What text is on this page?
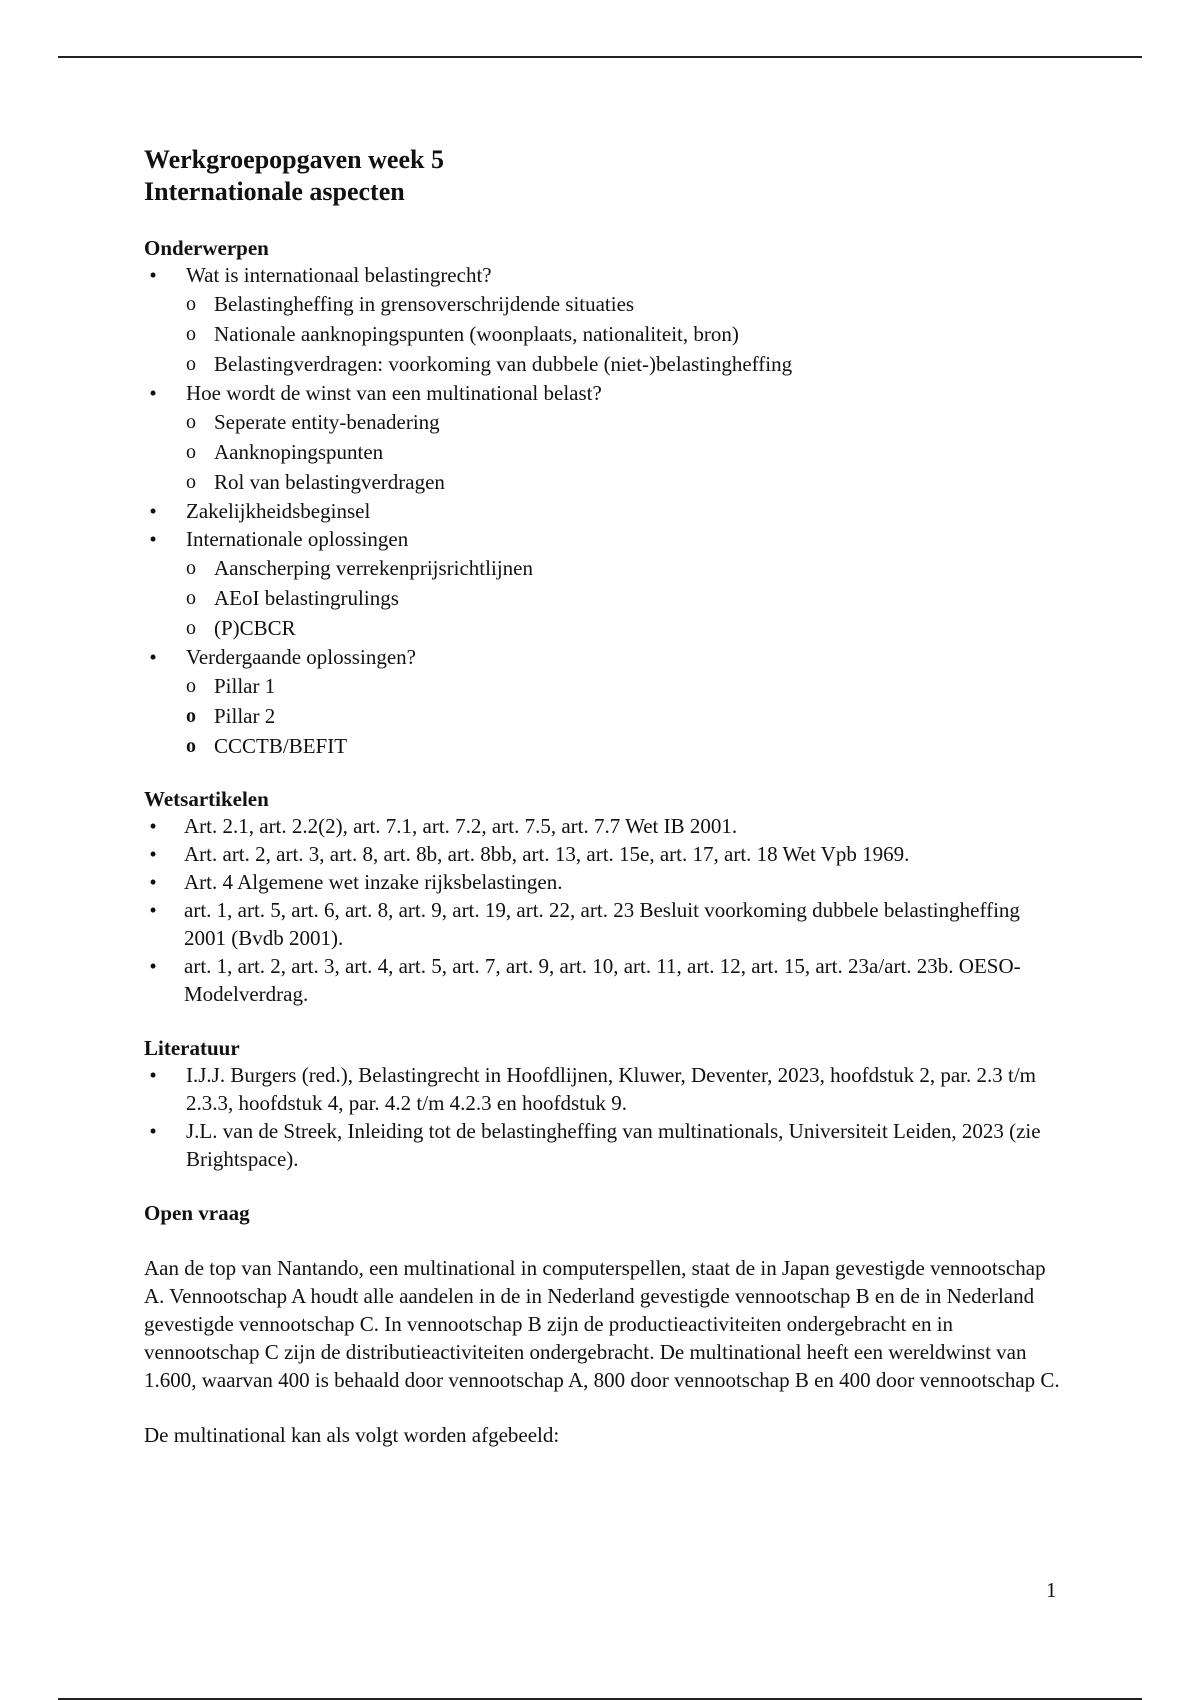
Werkgroepopgaven week 5
Internationale aspecten
Onderwerpen
• Wat is internationaal belastingrecht?
o Belastingheffing in grensoverschrijdende situaties
o Nationale aanknopingspunten (woonplaats, nationaliteit, bron)
o Belastingverdragen: voorkoming van dubbele (niet-)belastingheffing
• Hoe wordt de winst van een multinational belast?
o Seperate entity-benadering
o Aanknopingspunten
o Rol van belastingverdragen
• Zakelijkheidsbeginsel
• Internationale oplossingen
o Aanscherping verrekenprijsrichtlijnen
o AEoI belastingrulings
o (P)CBCR
• Verdergaande oplossingen?
o Pillar 1
o Pillar 2
o CCCTB/BEFIT
Wetsartikelen
• Art. 2.1, art. 2.2(2), art. 7.1, art. 7.2, art. 7.5, art. 7.7 Wet IB 2001.
• Art. art. 2, art. 3, art. 8, art. 8b, art. 8bb, art. 13, art. 15e, art. 17, art. 18 Wet Vpb 1969.
• Art. 4 Algemene wet inzake rijksbelastingen.
• art. 1, art. 5, art. 6, art. 8, art. 9, art. 19, art. 22, art. 23 Besluit voorkoming dubbele belastingheffing 2001 (Bvdb 2001).
• art. 1, art. 2, art. 3, art. 4, art. 5, art. 7, art. 9, art. 10, art. 11, art. 12, art. 15, art. 23a/art. 23b. OESO-Modelverdrag.
Literatuur
• I.J.J. Burgers (red.), Belastingrecht in Hoofdlijnen, Kluwer, Deventer, 2023, hoofdstuk 2, par. 2.3 t/m 2.3.3, hoofdstuk 4, par. 4.2 t/m 4.2.3 en hoofdstuk 9.
• J.L. van de Streek, Inleiding tot de belastingheffing van multinationals, Universiteit Leiden, 2023 (zie Brightspace).
Open vraag

Aan de top van Nantando, een multinational in computerspellen, staat de in Japan gevestigde vennootschap A. Vennootschap A houdt alle aandelen in de in Nederland gevestigde vennootschap B en de in Nederland gevestigde vennootschap C. In vennootschap B zijn de productieactiviteiten ondergebracht en in vennootschap C zijn de distributieactiviteiten ondergebracht. De multinational heeft een wereldwinst van 1.600, waarvan 400 is behaald door vennootschap A, 800 door vennootschap B en 400 door vennootschap C.

De multinational kan als volgt worden afgebeeld:

1
